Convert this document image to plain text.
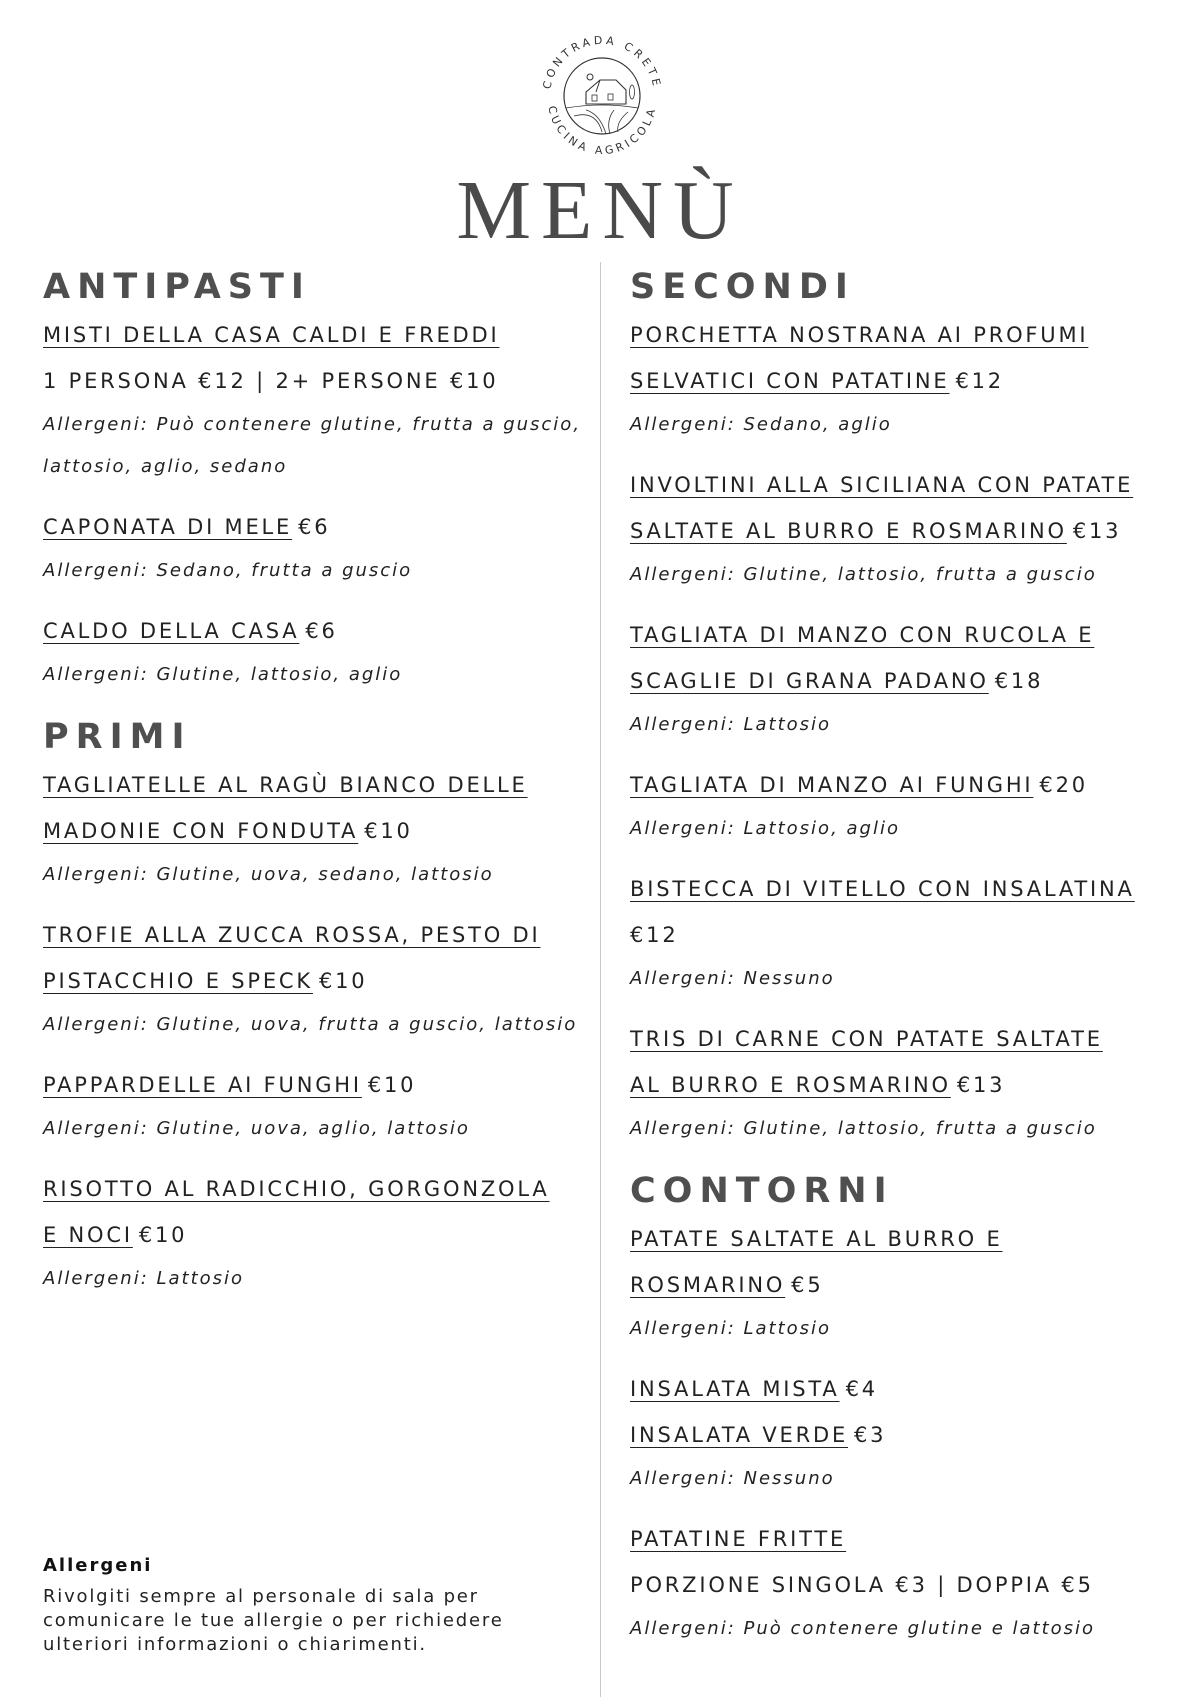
CONTRADA CRETE
CUCINA AGRICOLA
MENÙ
ANTIPASTI
MISTI DELLA CASA CALDI E FREDDI
1 PERSONA €12 | 2+ PERSONE €10
Allergeni: Può contenere glutine, frutta a guscio, lattosio, aglio, sedano
CAPONATA DI MELE €6
Allergeni: Sedano, frutta a guscio
CALDO DELLA CASA €6
Allergeni: Glutine, lattosio, aglio
PRIMI
TAGLIATELLE AL RAGÙ BIANCO DELLE
MADONIE CON FONDUTA €10
Allergeni: Glutine, uova, sedano, lattosio
TROFIE ALLA ZUCCA ROSSA, PESTO DI
PISTACCHIO E SPECK €10
Allergeni: Glutine, uova, frutta a guscio, lattosio
PAPPARDELLE AI FUNGHI €10
Allergeni: Glutine, uova, aglio, lattosio
RISOTTO AL RADICCHIO, GORGONZOLA
E NOCI €10
Allergeni: Lattosio
SECONDI
PORCHETTA NOSTRANA AI PROFUMI
SELVATICI CON PATATINE €12
Allergeni: Sedano, aglio
INVOLTINI ALLA SICILIANA CON PATATE
SALTATE AL BURRO E ROSMARINO €13
Allergeni: Glutine, lattosio, frutta a guscio
TAGLIATA DI MANZO CON RUCOLA E
SCAGLIE DI GRANA PADANO €18
Allergeni: Lattosio
TAGLIATA DI MANZO AI FUNGHI €20
Allergeni: Lattosio, aglio
BISTECCA DI VITELLO CON INSALATINA
€12
Allergeni: Nessuno
TRIS DI CARNE CON PATATE SALTATE
AL BURRO E ROSMARINO €13
Allergeni: Glutine, lattosio, frutta a guscio
CONTORNI
PATATE SALTATE AL BURRO E
ROSMARINO €5
Allergeni: Lattosio
INSALATA MISTA €4
INSALATA VERDE €3
Allergeni: Nessuno
PATATINE FRITTE
PORZIONE SINGOLA €3 | DOPPIA €5
Allergeni: Può contenere glutine e lattosio
Allergeni
Rivolgiti sempre al personale di sala per comunicare le tue allergie o per richiedere ulteriori informazioni o chiarimenti.
